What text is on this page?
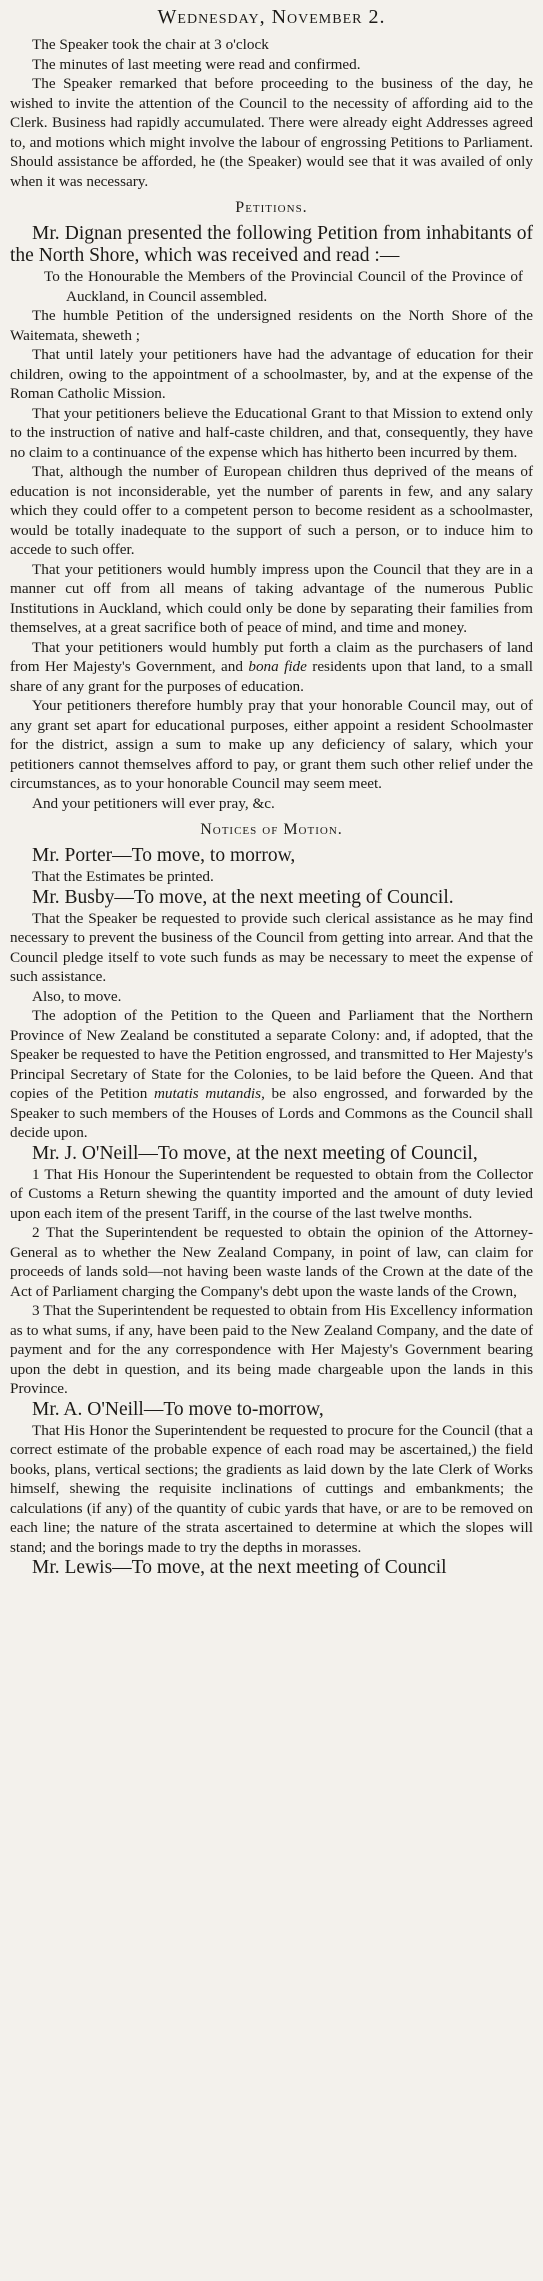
Wednesday, November 2.

The Speaker took the chair at 3 o'clock

The minutes of last meeting were read and confirmed.

The Speaker remarked that before proceeding to the business of the day, he wished to invite the attention of the Council to the necessity of affording aid to the Clerk. Business had rapidly accumulated. There were already eight Addresses agreed to, and motions which might involve the labour of engrossing Petitions to Parliament. Should assistance be afforded, he (the Speaker) would see that it was availed of only when it was necessary.

Petitions.

Mr. Dignan presented the following Petition from inhabitants of the North Shore, which was received and read :—

To the Honourable the Members of the Provincial Council of the Province of Auckland, in Council assembled.

The humble Petition of the undersigned residents on the North Shore of the Waitemata, sheweth ;

That until lately your petitioners have had the advantage of education for their children, owing to the appointment of a schoolmaster, by, and at the expense of the Roman Catholic Mission.

That your petitioners believe the Educational Grant to that Mission to extend only to the instruction of native and half-caste children, and that, consequently, they have no claim to a continuance of the expense which has hitherto been incurred by them.

That, although the number of European children thus deprived of the means of education is not inconsiderable, yet the number of parents in few, and any salary which they could offer to a competent person to become resident as a schoolmaster, would be totally inadequate to the support of such a person, or to induce him to accede to such offer.

That your petitioners would humbly impress upon the Council that they are in a manner cut off from all means of taking advantage of the numerous Public Institutions in Auckland, which could only be done by separating their families from themselves, at a great sacrifice both of peace of mind, and time and money.

That your petitioners would humbly put forth a claim as the purchasers of land from Her Majesty's Government, and bona fide residents upon that land, to a small share of any grant for the purposes of education.

Your petitioners therefore humbly pray that your honorable Council may, out of any grant set apart for educational purposes, either appoint a resident Schoolmaster for the district, assign a sum to make up any deficiency of salary, which your petitioners cannot themselves afford to pay, or grant them such other relief under the circumstances, as to your honorable Council may seem meet.

And your petitioners will ever pray, &c.

Notices of Motion.

Mr. Porter—To move, to morrow,

That the Estimates be printed.

Mr. Busby—To move, at the next meeting of Council.

That the Speaker be requested to provide such clerical assistance as he may find necessary to prevent the business of the Council from getting into arrear. And that the Council pledge itself to vote such funds as may be necessary to meet the expense of such assistance.

Also, to move.

The adoption of the Petition to the Queen and Parliament that the Northern Province of New Zealand be constituted a separate Colony: and, if adopted, that the Speaker be requested to have the Petition engrossed, and transmitted to Her Majesty's Principal Secretary of State for the Colonies, to be laid before the Queen. And that copies of the Petition mutatis mutandis, be also engrossed, and forwarded by the Speaker to such members of the Houses of Lords and Commons as the Council shall decide upon.

Mr. J. O'Neill—To move, at the next meeting of Council,

1 That His Honour the Superintendent be requested to obtain from the Collector of Customs a Return shewing the quantity imported and the amount of duty levied upon each item of the present Tariff, in the course of the last twelve months.

2 That the Superintendent be requested to obtain the opinion of the Attorney-General as to whether the New Zealand Company, in point of law, can claim for proceeds of lands sold—not having been waste lands of the Crown at the date of the Act of Parliament charging the Company's debt upon the waste lands of the Crown,

3 That the Superintendent be requested to obtain from His Excellency information as to what sums, if any, have been paid to the New Zealand Company, and the date of payment and for the any correspondence with Her Majesty's Government bearing upon the debt in question, and its being made chargeable upon the lands in this Province.

Mr. A. O'Neill—To move to-morrow,

That His Honor the Superintendent be requested to procure for the Council (that a correct estimate of the probable expence of each road may be ascertained,) the field books, plans, vertical sections; the gradients as laid down by the late Clerk of Works himself, shewing the requisite inclinations of cuttings and embankments; the calculations (if any) of the quantity of cubic yards that have, or are to be removed on each line; the nature of the strata ascertained to determine at which the slopes will stand; and the borings made to try the depths in morasses.

Mr. Lewis—To move, at the next meeting of Council
